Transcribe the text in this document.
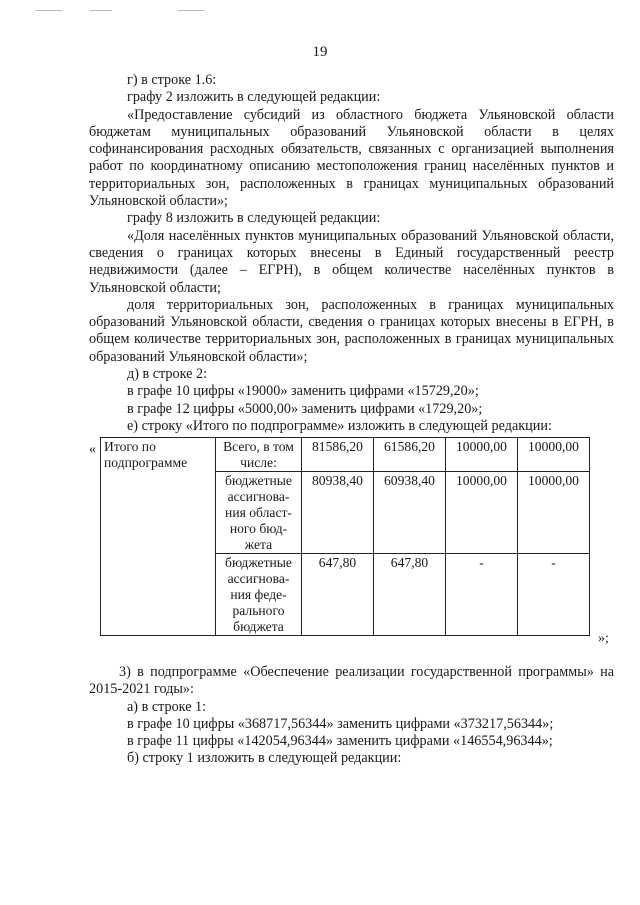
19

г) в строке 1.6:

графу 2 изложить в следующей редакции:

«Предоставление субсидий из областного бюджета Ульяновской области бюджетам муниципальных образований Ульяновской области в целях софинансирования расходных обязательств, связанных с организацией выполнения работ по координатному описанию местоположения границ населённых пунктов и территориальных зон, расположенных в границах муниципальных образований Ульяновской области»;

графу 8 изложить в следующей редакции:

«Доля населённых пунктов муниципальных образований Ульяновской области, сведения о границах которых внесены в Единый государственный реестр недвижимости (далее – ЕГРН), в общем количестве населённых пунктов в Ульяновской области;

доля территориальных зон, расположенных в границах муниципальных образований Ульяновской области, сведения о границах которых внесены в ЕГРН, в общем количестве территориальных зон, расположенных в границах муниципальных образований Ульяновской области»;

д) в строке 2:

в графе 10 цифры «19000» заменить цифрами «15729,20»;

в графе 12 цифры «5000,00» заменить цифрами «1729,20»;

е) строку «Итого по подпрограмме» изложить в следующей редакции:

« Итого по подпрограмме	Всего, в том числе:	81586,20	61586,20	10000,00	10000,00
	бюджетные ассигнова-ния област-ного бюд-жета	80938,40	60938,40	10000,00	10000,00
	бюджетные ассигнова-ния феде-рального бюджета	647,80	647,80	-	-
»;

3) в подпрограмме «Обеспечение реализации государственной программы» на 2015-2021 годы»:

а) в строке 1:

в графе 10 цифры «368717,56344» заменить цифрами «373217,56344»;

в графе 11 цифры «142054,96344» заменить цифрами «146554,96344»;

б) строку 1 изложить в следующей редакции:
